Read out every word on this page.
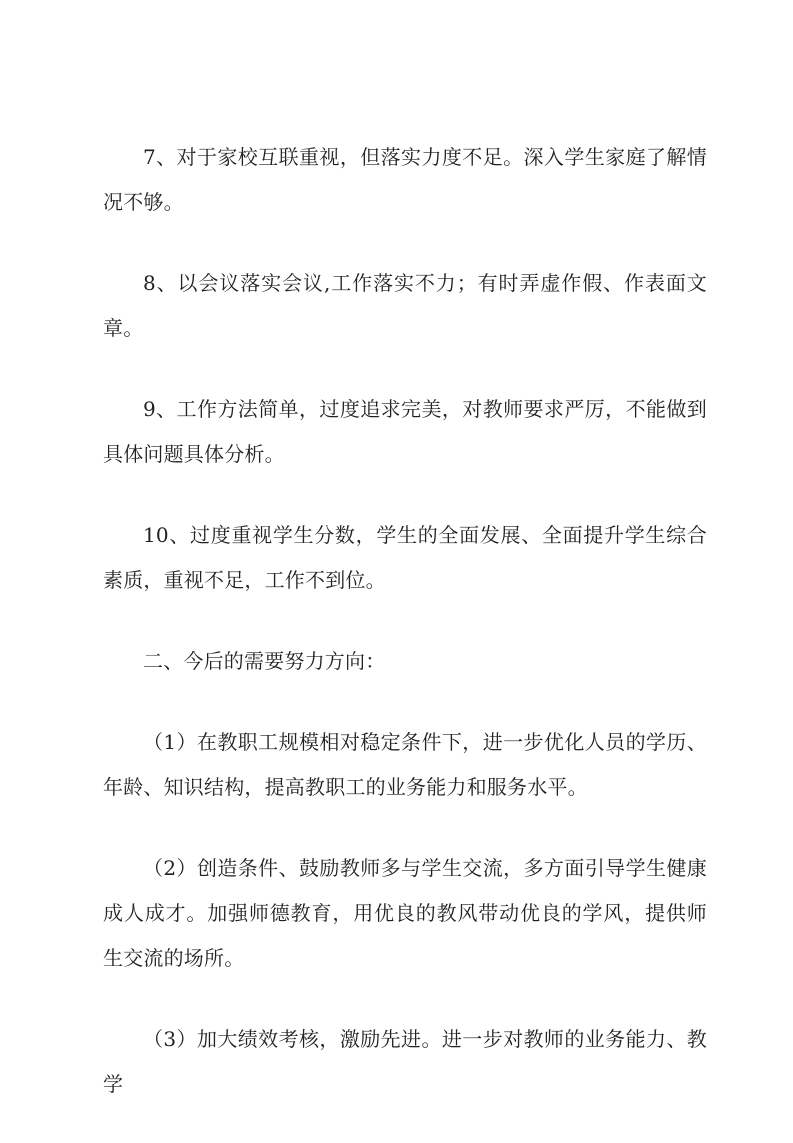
7、对于家校互联重视，但落实力度不足。深入学生家庭了解情况不够。

8、以会议落实会议,工作落实不力；有时弄虚作假、作表面文章。

9、工作方法简单，过度追求完美，对教师要求严厉，不能做到具体问题具体分析。

10、过度重视学生分数，学生的全面发展、全面提升学生综合素质，重视不足，工作不到位。

二、今后的需要努力方向：

（1）在教职工规模相对稳定条件下，进一步优化人员的学历、年龄、知识结构，提高教职工的业务能力和服务水平。

（2）创造条件、鼓励教师多与学生交流，多方面引导学生健康成人成才。加强师德教育，用优良的教风带动优良的学风，提供师生交流的场所。

（3）加大绩效考核，激励先进。进一步对教师的业务能力、教学
